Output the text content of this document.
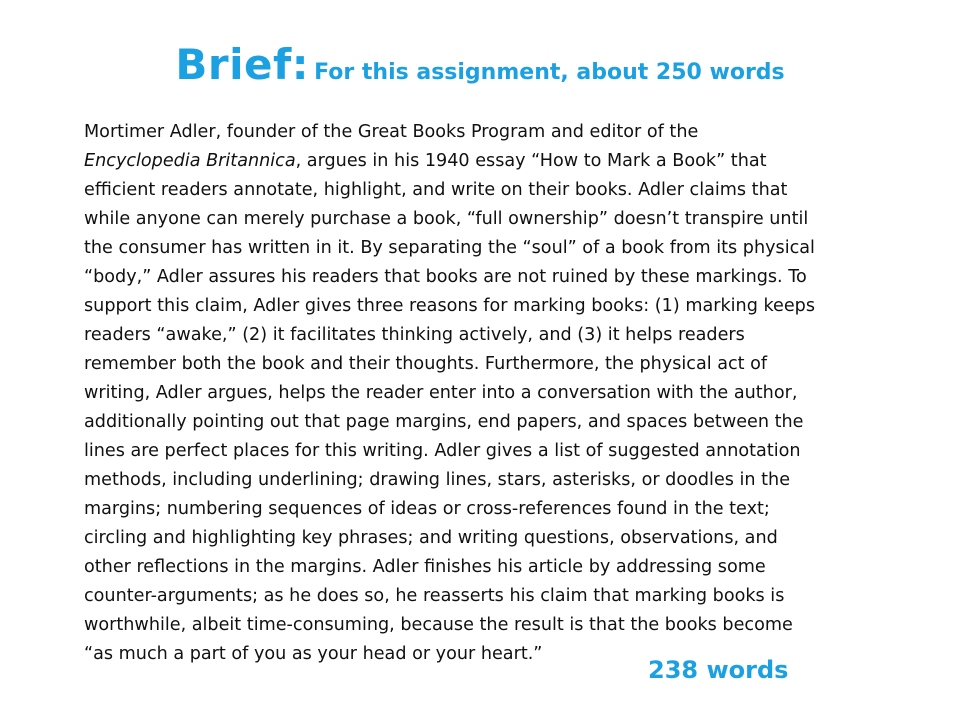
Brief: For this assignment, about 250 words

Mortimer Adler, founder of the Great Books Program and editor of the
Encyclopedia Britannica, argues in his 1940 essay “How to Mark a Book” that
efficient readers annotate, highlight, and write on their books. Adler claims that
while anyone can merely purchase a book, “full ownership” doesn’t transpire until
the consumer has written in it. By separating the “soul” of a book from its physical
“body,” Adler assures his readers that books are not ruined by these markings. To
support this claim, Adler gives three reasons for marking books: (1) marking keeps
readers “awake,” (2) it facilitates thinking actively, and (3) it helps readers
remember both the book and their thoughts. Furthermore, the physical act of
writing, Adler argues, helps the reader enter into a conversation with the author,
additionally pointing out that page margins, end papers, and spaces between the
lines are perfect places for this writing. Adler gives a list of suggested annotation
methods, including underlining; drawing lines, stars, asterisks, or doodles in the
margins; numbering sequences of ideas or cross-references found in the text;
circling and highlighting key phrases; and writing questions, observations, and
other reflections in the margins. Adler finishes his article by addressing some
counter-arguments; as he does so, he reasserts his claim that marking books is
worthwhile, albeit time-consuming, because the result is that the books become
“as much a part of you as your head or your heart.”

238 words
